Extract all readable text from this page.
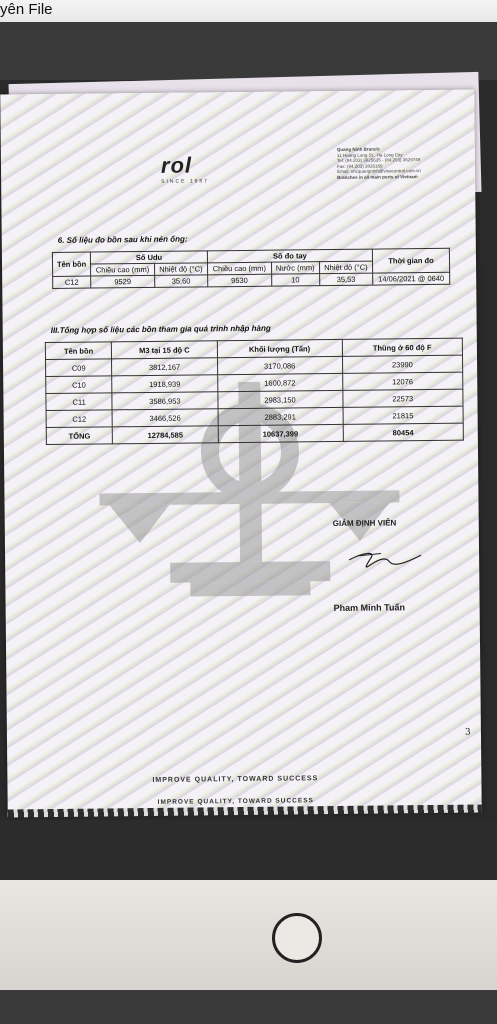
yên File
rol
SINCE 1987
Quang Ninh Branch:
11 Hoang Long St., Ha Long City
Tel: (84.203) 3825635 - (84.203) 3629749
Fax: (84.203) 3826169
Email: vncquangninh@vinacontrol.com.vn
Branches in all main ports of Vietnam
6. Số liệu đo bồn sau khi nén ống:
Tên bồn	Số Udu		Số đo tay			Thời gian đo
	Chiều cao (mm)	Nhiệt độ (°C)	Chiều cao (mm)	Nước (mm)	Nhiệt độ (°C)	
C12	9529	35,60	9530	10	35,53	14/06/2021 @ 0640
III.Tổng hợp số liệu các bồn tham gia quá trình nhập hàng
Tên bồn	M3 tại 15 độ C	Khối lượng (Tấn)	Thùng ở 60 độ F
C09	3812,167	3170,086	23990
C10	1918,939	1600,872	12076
C11	3586,953	2983,150	22573
C12	3466,526	2883,291	21815
TỔNG	12784,585	10637,399	80454
GIÁM ĐỊNH VIÊN
Pham Minh Tuấn
3
IMPROVE QUALITY, TOWARD SUCCESS
IMPROVE QUALITY, TOWARD SUCCESS
